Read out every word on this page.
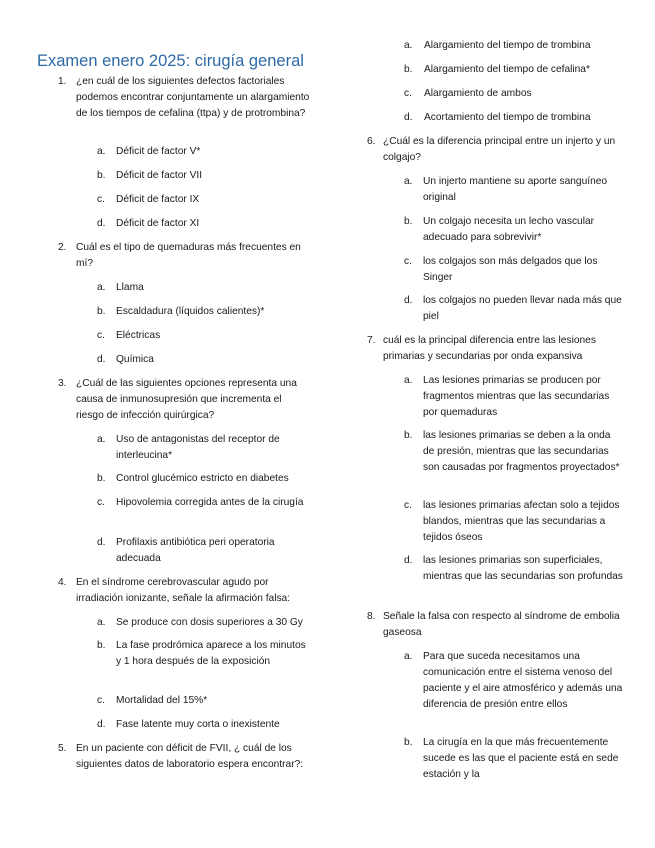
Examen enero 2025: cirugía general
1. ¿en cuál de los siguientes defectos factoriales podemos encontrar conjuntamente un alargamiento de los tiempos de cefalina (ttpa) y de protrombina?
a. Déficit de factor V*
b. Déficit de factor VII
c. Déficit de factor IX
d. Déficit de factor XI
2. Cuál es el tipo de quemaduras más frecuentes en mí?
a. Llama
b. Escaldadura (líquidos calientes)*
c. Eléctricas
d. Química
3. ¿Cuál de las siguientes opciones representa una causa de inmunosupresión que incrementa el riesgo de infección quirúrgica?
a. Uso de antagonistas del receptor de interleucina*
b. Control glucémico estricto en diabetes
c. Hipovolemia corregida antes de la cirugía
d. Profilaxis antibiótica peri operatoria adecuada
4. En el síndrome cerebrovascular agudo por irradiación ionizante, señale la afirmación falsa:
a. Se produce con dosis superiores a 30 Gy
b. La fase prodrómica aparece a los minutos y 1 hora después de la exposición
c. Mortalidad del 15%*
d. Fase latente muy corta o inexistente
5. En un paciente con déficit de FVII, ¿ cuál de los siguientes datos de laboratorio espera encontrar?:
a. Alargamiento del tiempo de trombina
b. Alargamiento del tiempo de cefalina*
c. Alargamiento de ambos
d. Acortamiento del tiempo de trombina
6. ¿Cuál es la diferencia principal entre un injerto y un colgajo?
a. Un injerto mantiene su aporte sanguíneo original
b. Un colgajo necesita un lecho vascular adecuado para sobrevivir*
c. los colgajos son más delgados que los Singer
d. los colgajos no pueden llevar nada más que piel
7. cuál es la principal diferencia entre las lesiones primarias y secundarias por onda expansiva
a. Las lesiones primarias se producen por fragmentos mientras que las secundarias por quemaduras
b. las lesiones primarias se deben a la onda de presión, mientras que las secundarias son causadas por fragmentos proyectados*
c. las lesiones primarias afectan solo a tejidos blandos, mientras que las secundarias a tejidos óseos
d. las lesiones primarias son superficiales, mientras que las secundarias son profundas
8. Señale la falsa con respecto al síndrome de embolia gaseosa
a. Para que suceda necesitamos una comunicación entre el sistema venoso del paciente y el aire atmosférico y además una diferencia de presión entre ellos
b. La cirugía en la que más frecuentemente sucede es las que el paciente está en sede estación y la
